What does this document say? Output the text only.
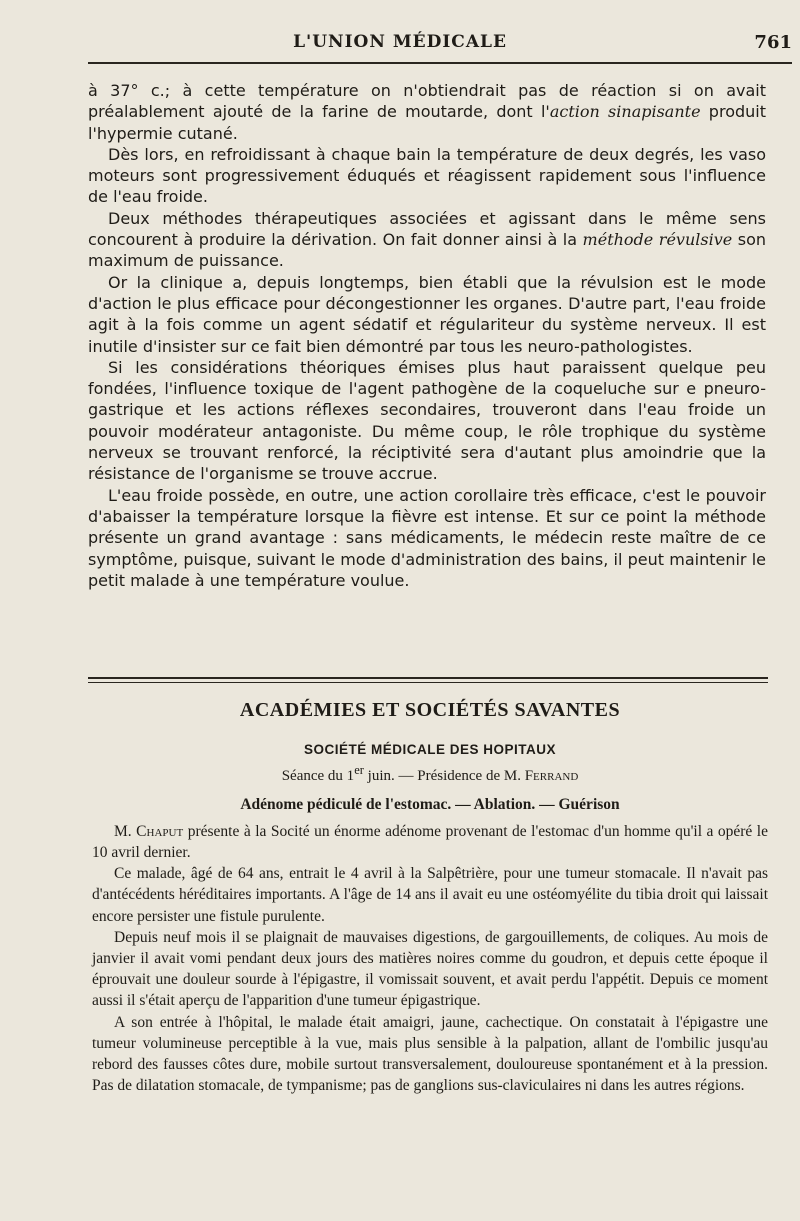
L'UNION MÉDICALE	761

à 37° c.; à cette température on n'obtiendrait pas de réaction si on avait préalablement ajouté de la farine de moutarde, dont l'action sinapisante produit l'hypermie cutané.

Dès lors, en refroidissant à chaque bain la température de deux degrés, les vaso moteurs sont progressivement éduqués et réagissent rapidement sous l'influence de l'eau froide.

Deux méthodes thérapeutiques associées et agissant dans le même sens concourent à produire la dérivation. On fait donner ainsi à la méthode révulsive son maximum de puissance.

Or la clinique a, depuis longtemps, bien établi que la révulsion est le mode d'action le plus efficace pour décongestionner les organes. D'autre part, l'eau froide agit à la fois comme un agent sédatif et régulariteur du système nerveux. Il est inutile d'insister sur ce fait bien démontré par tous les neuro-pathologistes.

Si les considérations théoriques émises plus haut paraissent quelque peu fondées, l'influence toxique de l'agent pathogène de la coqueluche sur e pneuro-gastrique et les actions réflexes secondaires, trouveront dans l'eau froide un pouvoir modérateur antagoniste. Du même coup, le rôle trophique du système nerveux se trouvant renforcé, la réciptivité sera d'autant plus amoindrie que la résistance de l'organisme se trouve accrue.

L'eau froide possède, en outre, une action corollaire très efficace, c'est le pouvoir d'abaisser la température lorsque la fièvre est intense. Et sur ce point la méthode présente un grand avantage : sans médicaments, le médecin reste maître de ce symptôme, puisque, suivant le mode d'administration des bains, il peut maintenir le petit malade à une température voulue.

ACADÉMIES ET SOCIÉTÉS SAVANTES
SOCIÉTÉ MÉDICALE DES HOPITAUX
Séance du 1er juin. — Présidence de M. Ferrand
Adénome pédiculé de l'estomac. — Ablation. — Guérison

M. Chaput présente à la Socité un énorme adénome provenant de l'estomac d'un homme qu'il a opéré le 10 avril dernier.

Ce malade, âgé de 64 ans, entrait le 4 avril à la Salpêtrière, pour une tumeur stomacale. Il n'avait pas d'antécédents héréditaires importants. A l'âge de 14 ans il avait eu une ostéomyélite du tibia droit qui laissait encore persister une fistule purulente.

Depuis neuf mois il se plaignait de mauvaises digestions, de gargouillements, de coliques. Au mois de janvier il avait vomi pendant deux jours des matières noires comme du goudron, et depuis cette époque il éprouvait une douleur sourde à l'épigastre, il vomissait souvent, et avait perdu l'appétit. Depuis ce moment aussi il s'était aperçu de l'apparition d'une tumeur épigastrique.

A son entrée à l'hôpital, le malade était amaigri, jaune, cachectique. On constatait à l'épigastre une tumeur volumineuse perceptible à la vue, mais plus sensible à la palpation, allant de l'ombilic jusqu'au rebord des fausses côtes dure, mobile surtout transversalement, douloureuse spontanément et à la pression. Pas de dilatation stomacale, de tympanisme; pas de ganglions sus-claviculaires ni dans les autres régions.
